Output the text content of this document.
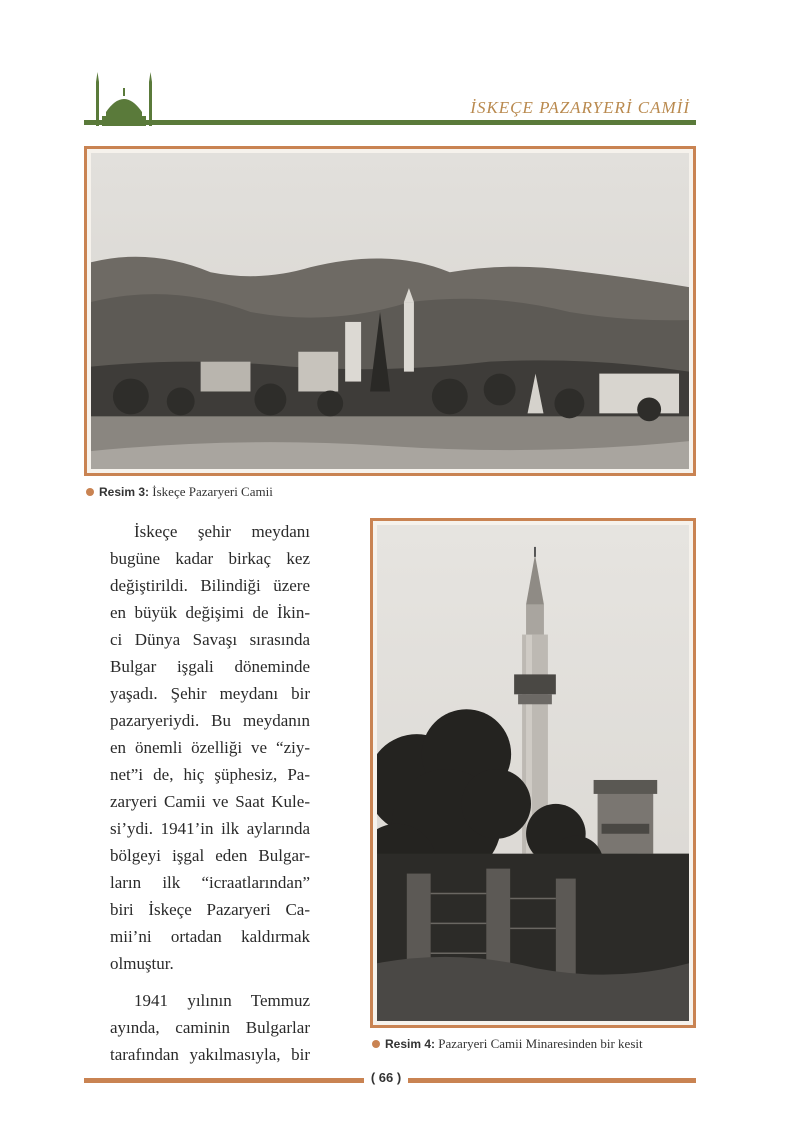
İSKEÇE PAZARYERİ CAMİİ
Resim 3: İskeçe Pazaryeri Camii
İskeçe şehir meydanı
bugüne kadar birkaç kez
değiştirildi. Bilindiği üzere
en büyük değişimi de İkin-
ci Dünya Savaşı sırasında
Bulgar işgali döneminde
yaşadı. Şehir meydanı bir
pazaryeriydi. Bu meydanın
en önemli özelliği ve “ziy-
net”i de, hiç şüphesiz, Pa-
zaryeri Camii ve Saat Kule-
si’ydi. 1941’in ilk aylarında
bölgeyi işgal eden Bulgar-
ların ilk “icraatlarından”
biri İskeçe Pazaryeri Ca-
mii’ni ortadan kaldırmak
olmuştur.
1941 yılının Temmuz
ayında, caminin Bulgarlar
tarafından yakılmasıyla, bir
Resim 4: Pazaryeri Camii Minaresinden bir kesit
( 66 )
